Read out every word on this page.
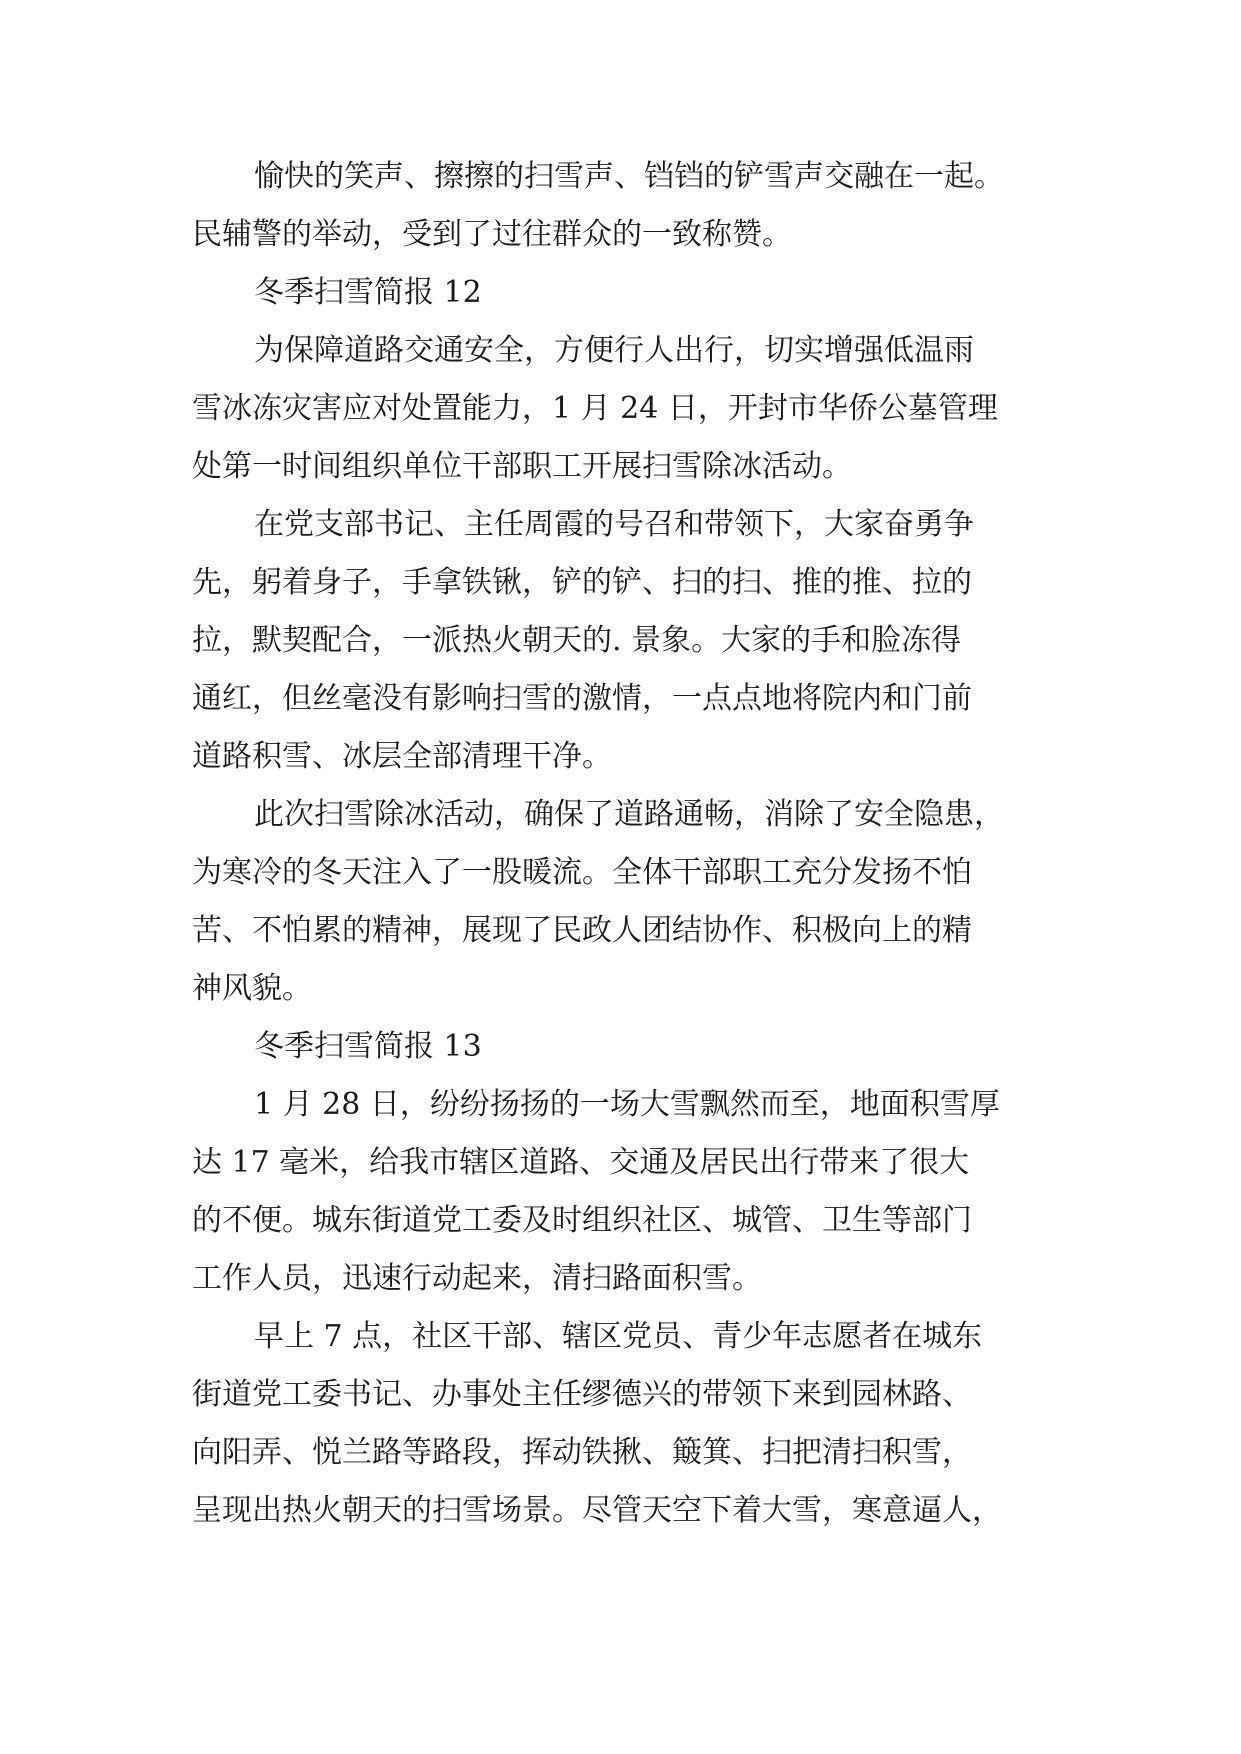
愉快的笑声、擦擦的扫雪声、铛铛的铲雪声交融在一起。
民辅警的举动，受到了过往群众的一致称赞。
冬季扫雪简报 12
为保障道路交通安全，方便行人出行，切实增强低温雨
雪冰冻灾害应对处置能力，1 月 24 日，开封市华侨公墓管理
处第一时间组织单位干部职工开展扫雪除冰活动。
在党支部书记、主任周霞的号召和带领下，大家奋勇争
先，躬着身子，手拿铁锹，铲的铲、扫的扫、推的推、拉的
拉，默契配合，一派热火朝天的. 景象。大家的手和脸冻得
通红，但丝毫没有影响扫雪的激情，一点点地将院内和门前
道路积雪、冰层全部清理干净。
此次扫雪除冰活动，确保了道路通畅，消除了安全隐患，
为寒冷的冬天注入了一股暖流。全体干部职工充分发扬不怕
苦、不怕累的精神，展现了民政人团结协作、积极向上的精
神风貌。
冬季扫雪简报 13
1 月 28 日，纷纷扬扬的一场大雪飘然而至，地面积雪厚
达 17 毫米，给我市辖区道路、交通及居民出行带来了很大
的不便。城东街道党工委及时组织社区、城管、卫生等部门
工作人员，迅速行动起来，清扫路面积雪。
早上 7 点，社区干部、辖区党员、青少年志愿者在城东
街道党工委书记、办事处主任缪德兴的带领下来到园林路、
向阳弄、悦兰路等路段，挥动铁揪、簸箕、扫把清扫积雪，
呈现出热火朝天的扫雪场景。尽管天空下着大雪，寒意逼人，
